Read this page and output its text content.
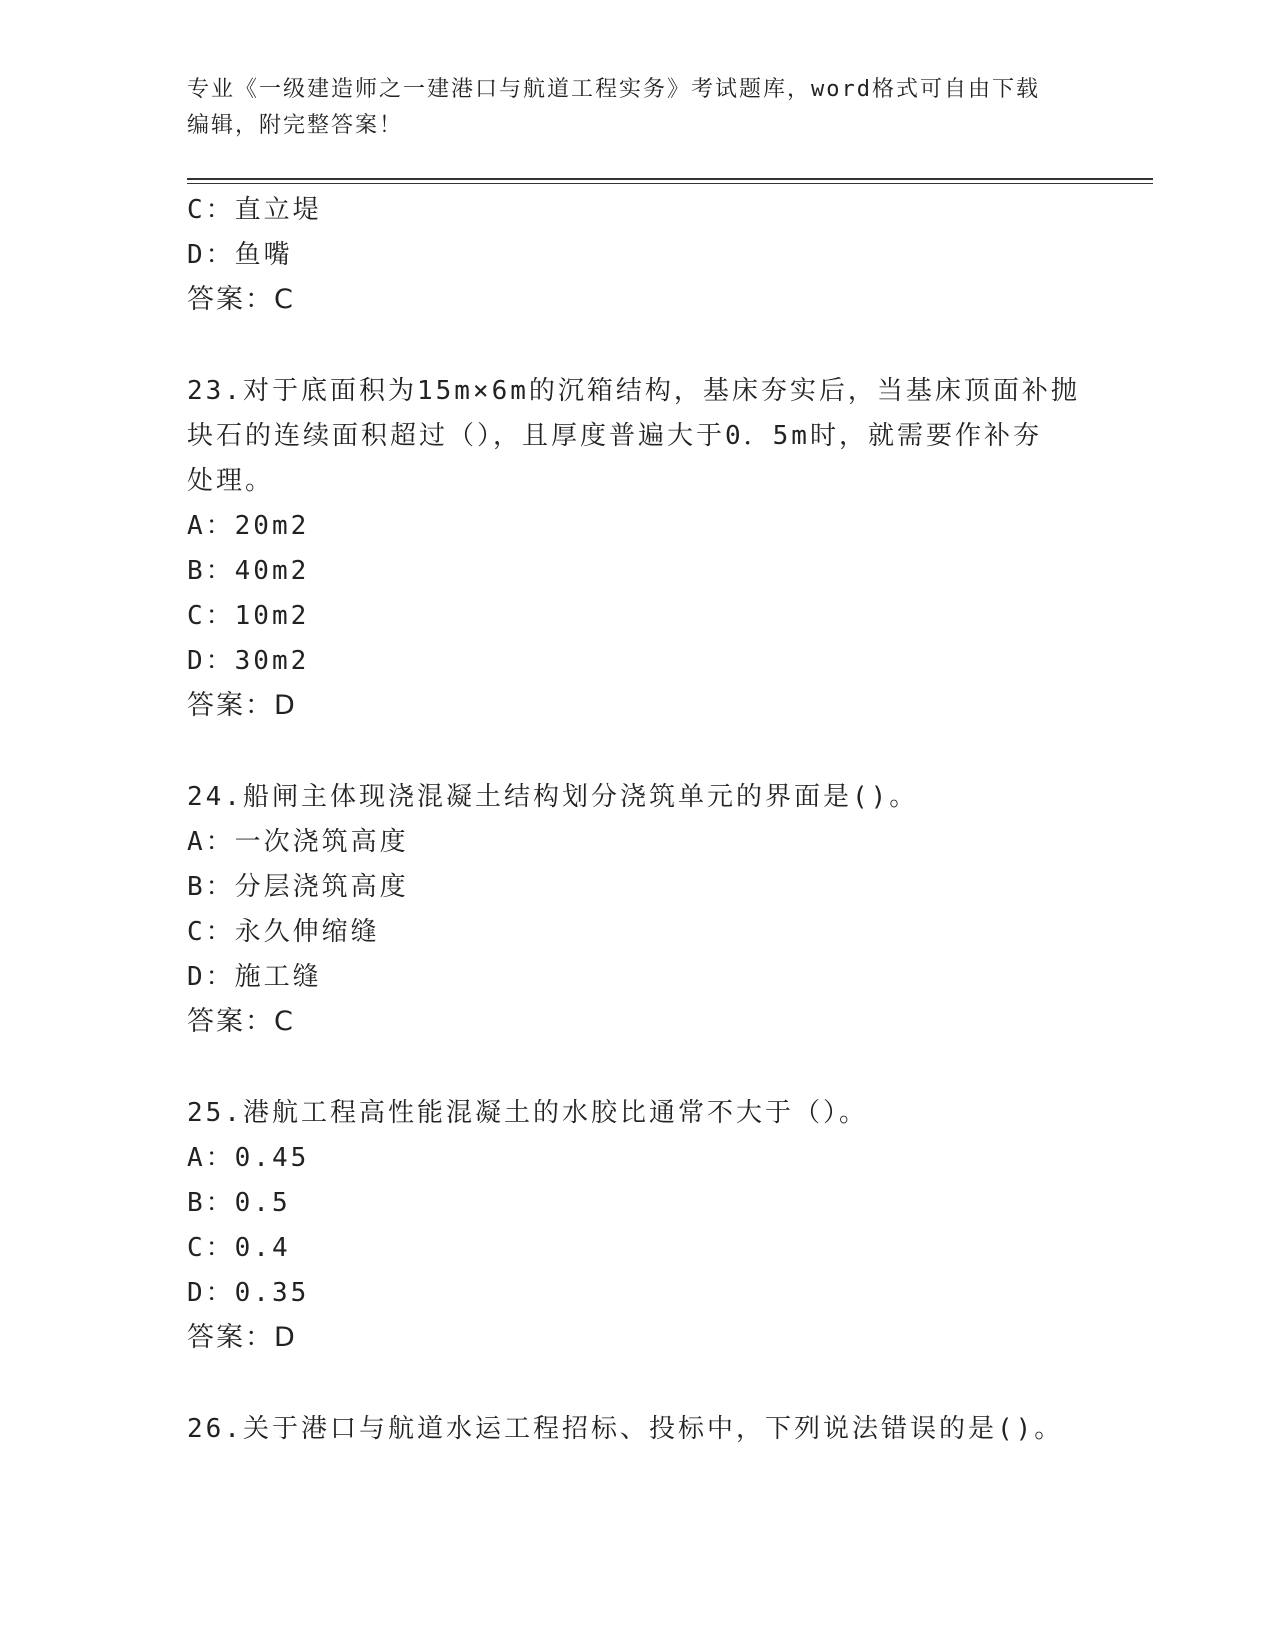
专业《一级建造师之一建港口与航道工程实务》考试题库，word格式可自由下载
编辑，附完整答案！
C：直立堤
D：鱼嘴
答案：C
23.对于底面积为15m×6m的沉箱结构，基床夯实后，当基床顶面补抛
块石的连续面积超过（），且厚度普遍大于0．5m时，就需要作补夯
处理。
A：20m2
B：40m2
C：10m2
D：30m2
答案：D
24.船闸主体现浇混凝土结构划分浇筑单元的界面是()。
A：一次浇筑高度
B：分层浇筑高度
C：永久伸缩缝
D：施工缝
答案：C
25.港航工程高性能混凝土的水胶比通常不大于（）。
A：0.45
B：0.5
C：0.4
D：0.35
答案：D
26.关于港口与航道水运工程招标、投标中，下列说法错误的是()。
